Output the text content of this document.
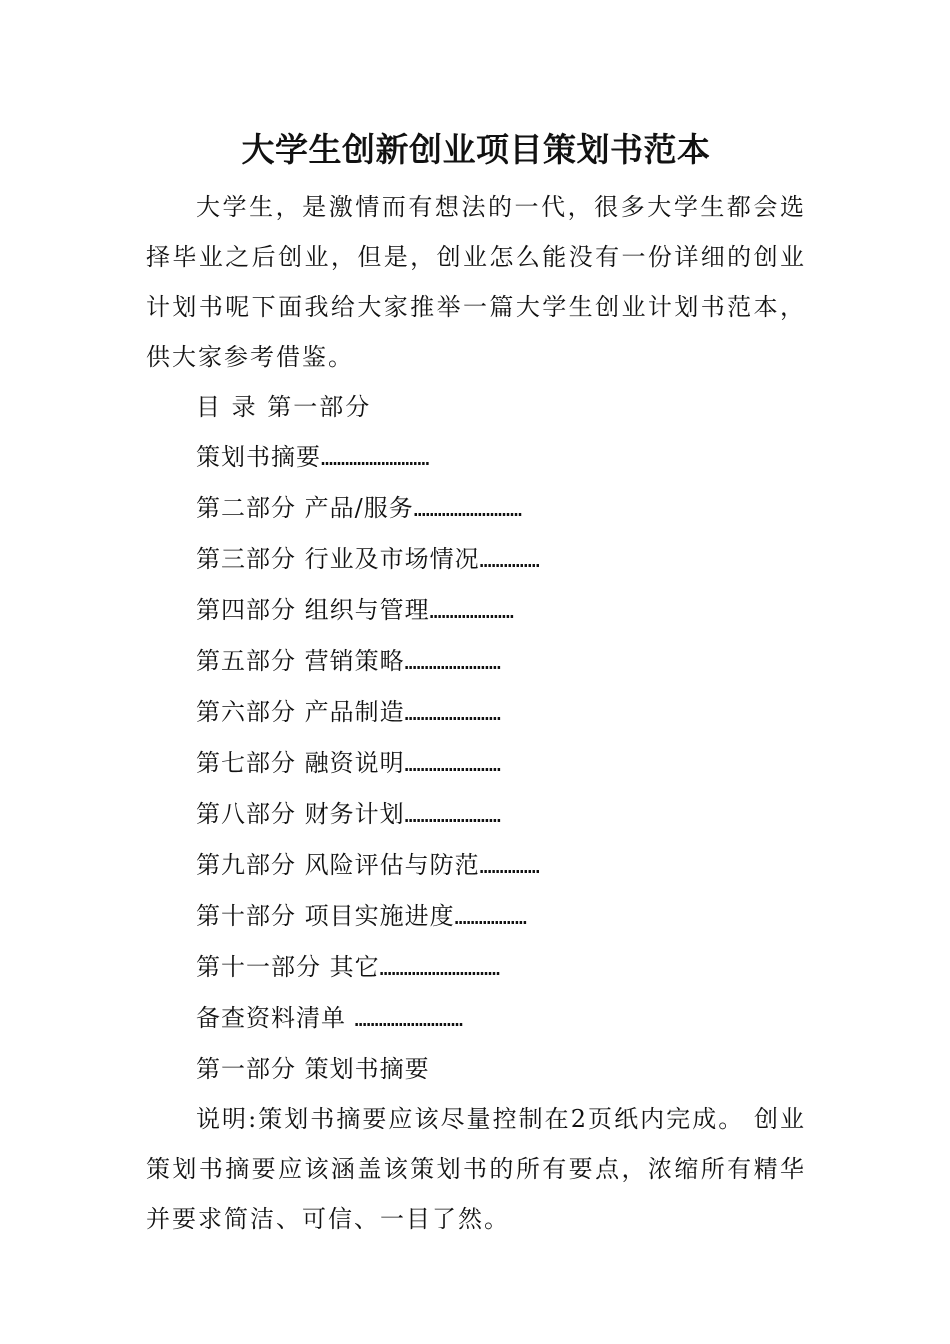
大学生创新创业项目策划书范本

大学生，是激情而有想法的一代，很多大学生都会选择毕业之后创业，但是，创业怎么能没有一份详细的创业计划书呢下面我给大家推举一篇大学生创业计划书范本，供大家参考借鉴。

目 录 第一部分

策划书摘要………………………
第二部分 产品/服务………………………
第三部分 行业及市场情况……………
第四部分 组织与管理…………………
第五部分 营销策略……………………
第六部分 产品制造……………………
第七部分 融资说明……………………
第八部分 财务计划……………………
第九部分 风险评估与防范……………
第十部分 项目实施进度………………
第十一部分 其它…………………………
备查资料清单 ………………………

第一部分 策划书摘要

说明:策划书摘要应该尽量控制在2页纸内完成。 创业策划书摘要应该涵盖该策划书的所有要点，浓缩所有精华并要求简洁、可信、一目了然。
